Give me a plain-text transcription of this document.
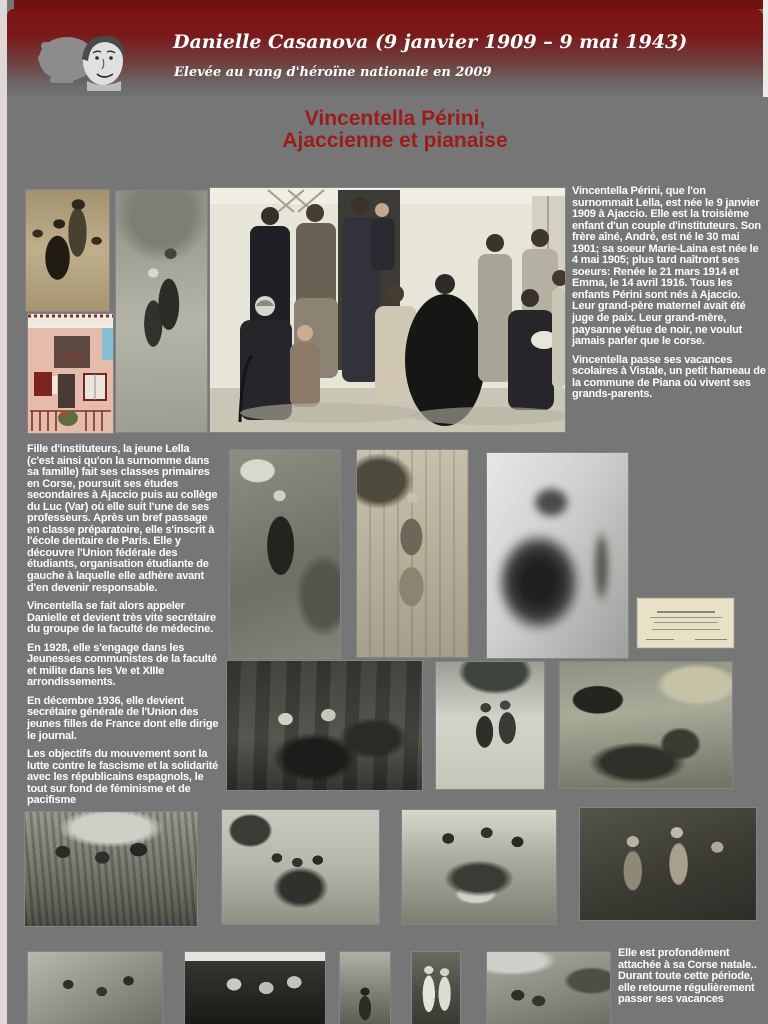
Danielle Casanova (9 janvier 1909 – 9 mai 1943)
Elevée au rang d'héroïne nationale en 2009
Vincentella Périni,
Ajaccienne et pianaise

Vincentella Périni, que l'on surnommait Lella, est née le 9 janvier 1909 à Ajaccio. Elle est la troisième enfant d'un couple d'instituteurs. Son frère aîné, André, est né le 30 mai 1901; sa soeur Marie-Laina est née le 4 mai 1905; plus tard naîtront ses soeurs: Renée le 21 mars 1914 et Emma, le 14 avril 1916. Tous les enfants Périni sont nés à Ajaccio. Leur grand-père maternel avait été juge de paix. Leur grand-mère, paysanne vêtue de noir, ne voulut jamais parler que le corse.

Vincentella passe ses vacances scolaires à Vistale, un petit hameau de la commune de Piana où vivent ses grands-parents.

Fille d'instituteurs, la jeune Lella (c'est ainsi qu'on la surnomme dans sa famille) fait ses classes primaires en Corse, poursuit ses études secondaires à Ajaccio puis au collège du Luc (Var) où elle suit l'une de ses professeurs. Après un bref passage en classe préparatoire, elle s'inscrit à l'école dentaire de Paris. Elle y découvre l'Union fédérale des étudiants, organisation étudiante de gauche à laquelle elle adhère avant d'en devenir responsable.

Vincentella se fait alors appeler Danielle et devient très vite secrétaire du groupe de la faculté de médecine.

En 1928, elle s'engage dans les Jeunesses communistes de la faculté et milite dans les Ve et XIIIe arrondissements.

En décembre 1936, elle devient secrétaire générale de l'Union des jeunes filles de France dont elle dirige le journal.

Les objectifs du mouvement sont la lutte contre le fascisme et la solidarité avec les républicains espagnols, le tout sur fond de féminisme et de pacifisme

Elle est profondément attachée à sa Corse natale.. Durant toute cette période, elle retourne régulièrement passer ses vacances
